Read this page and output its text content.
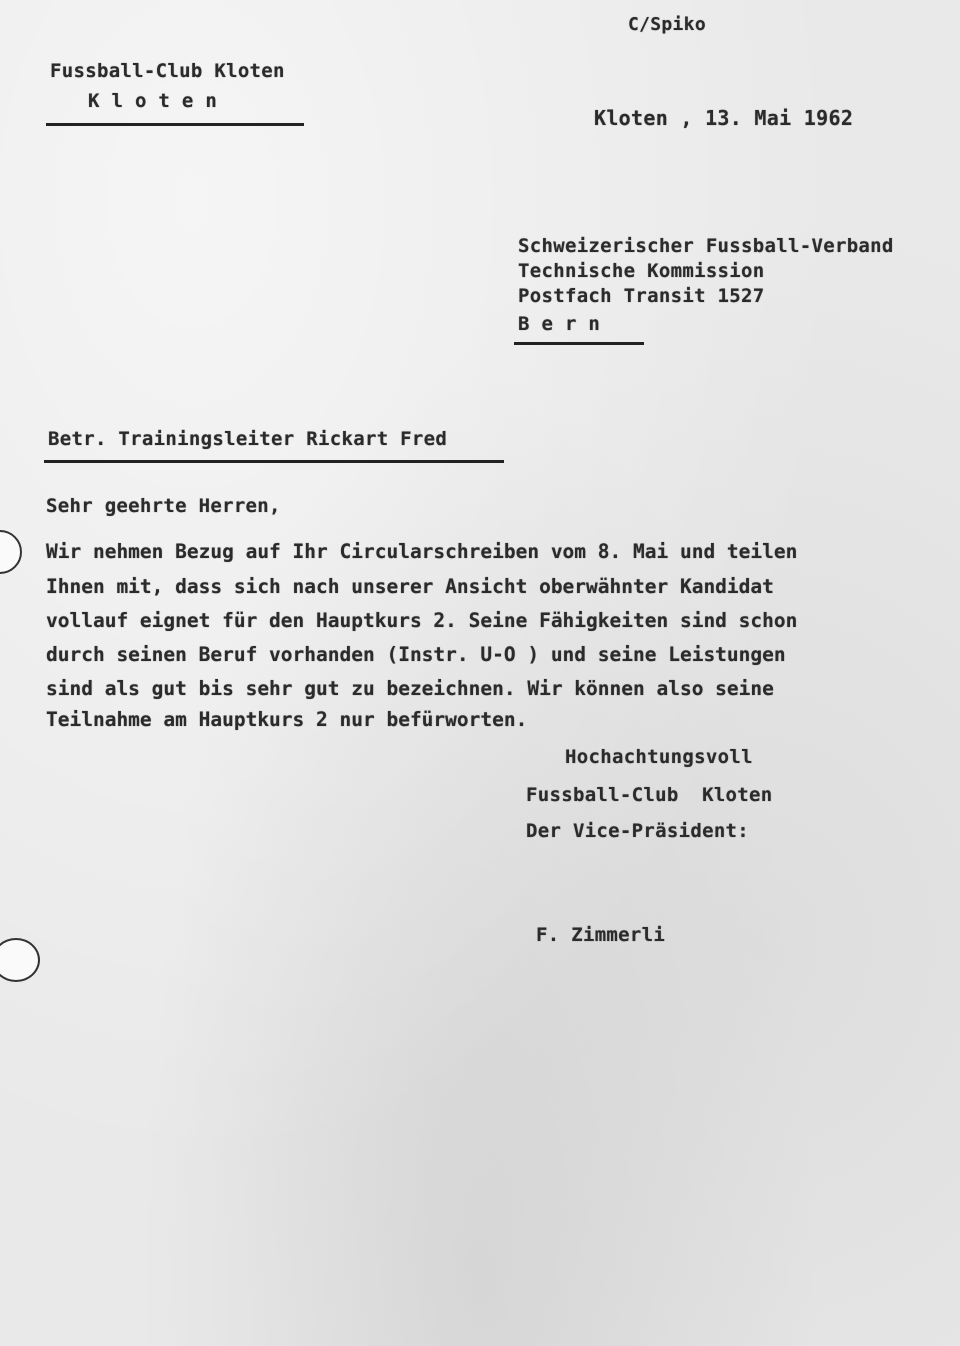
C/Spiko
Fussball-Club Kloten
K l o t e n
Kloten , 13. Mai 1962
Schweizerischer Fussball-Verband
Technische Kommission
Postfach Transit 1527
B e r n
Betr. Trainingsleiter Rickart Fred
Sehr geehrte Herren,
Wir nehmen Bezug auf Ihr Circularschreiben vom 8. Mai und teilen
Ihnen mit, dass sich nach unserer Ansicht oberwähnter Kandidat
vollauf eignet für den Hauptkurs 2. Seine Fähigkeiten sind schon
durch seinen Beruf vorhanden (Instr. U-O ) und seine Leistungen
sind als gut bis sehr gut zu bezeichnen. Wir können also seine
Teilnahme am Hauptkurs 2 nur befürworten.
Hochachtungsvoll
Fussball-Club  Kloten
Der Vice-Präsident:
F. Zimmerli
